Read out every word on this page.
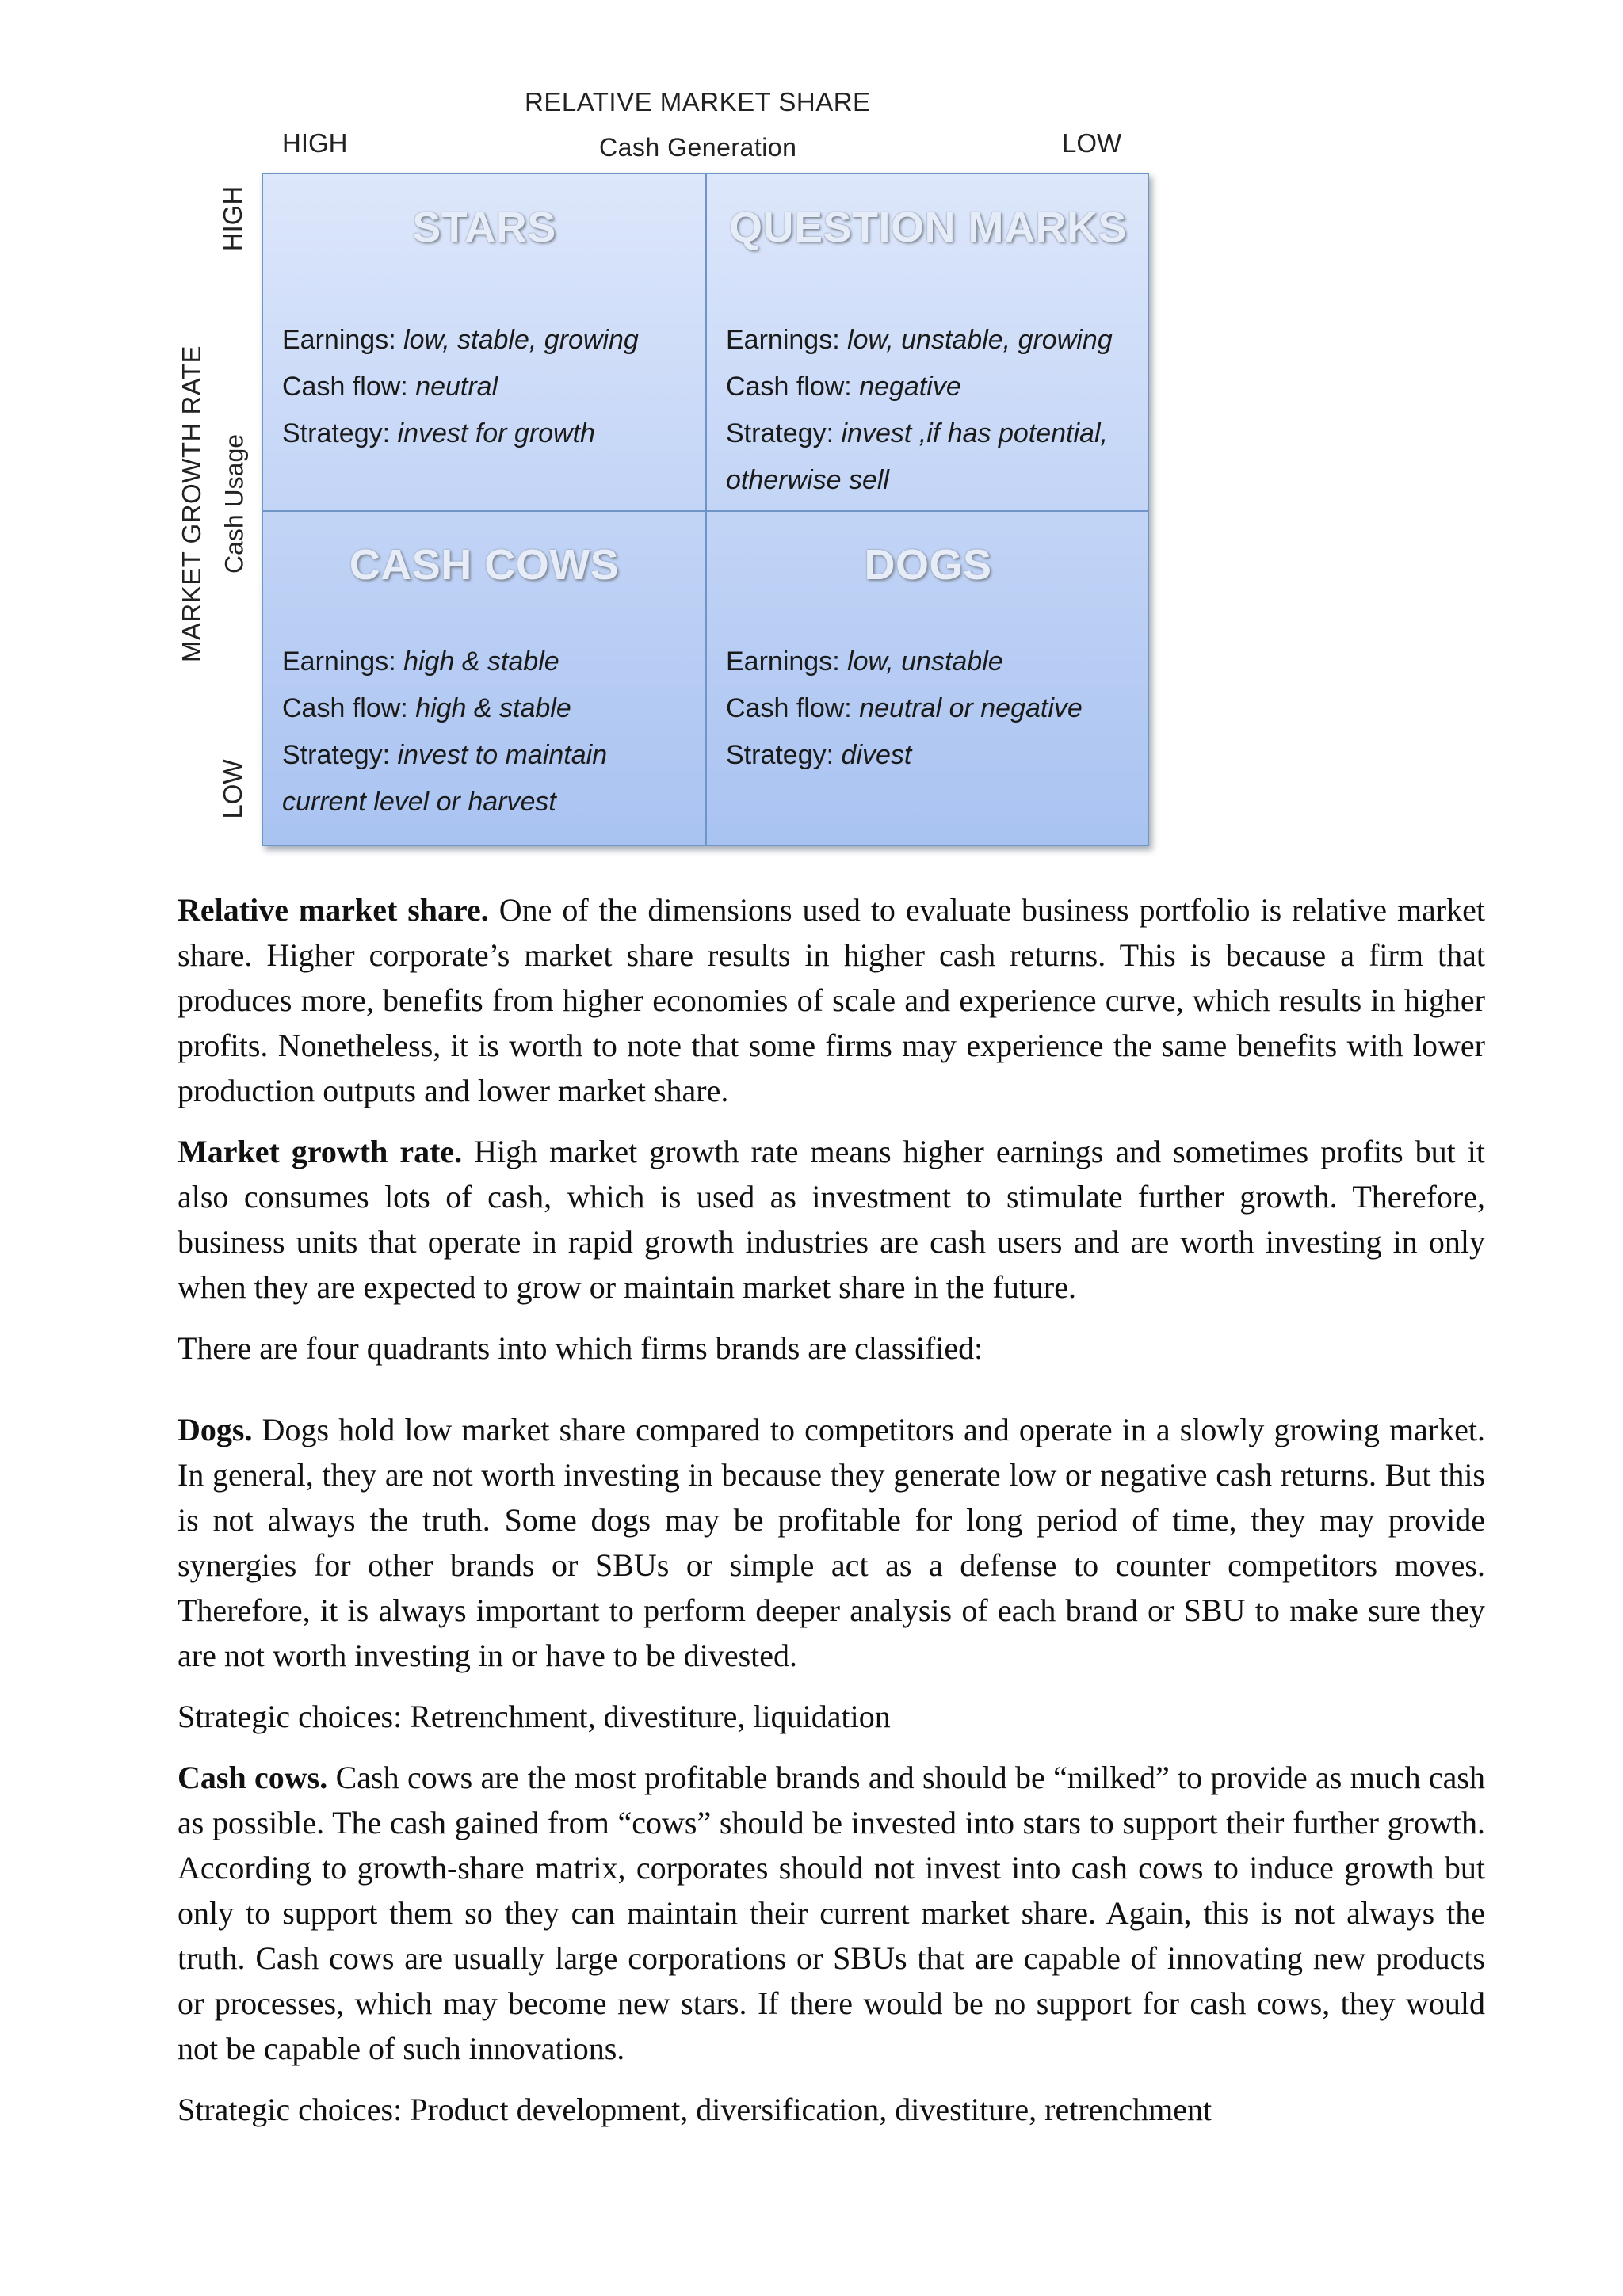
RELATIVE MARKET SHARE
Cash Generation
HIGH	LOW
MARKET GROWTH RATE Cash Usage
HIGH
LOW
STARS
Earnings: low, stable, growing
Cash flow: neutral
Strategy: invest for growth
QUESTION MARKS
Earnings: low, unstable, growing
Cash flow: negative
Strategy: invest ,if has potential,
otherwise sell
CASH COWS
Earnings: high & stable
Cash flow: high & stable
Strategy: invest to maintain
current level or harvest
DOGS
Earnings: low, unstable
Cash flow: neutral or negative
Strategy: divest

Relative market share. One of the dimensions used to evaluate business portfolio is relative market share. Higher corporate’s market share results in higher cash returns. This is because a firm that produces more, benefits from higher economies of scale and experience curve, which results in higher profits. Nonetheless, it is worth to note that some firms may experience the same benefits with lower production outputs and lower market share.

Market growth rate. High market growth rate means higher earnings and sometimes profits but it also consumes lots of cash, which is used as investment to stimulate further growth. Therefore, business units that operate in rapid growth industries are cash users and are worth investing in only when they are expected to grow or maintain market share in the future.

There are four quadrants into which firms brands are classified:

Dogs. Dogs hold low market share compared to competitors and operate in a slowly growing market. In general, they are not worth investing in because they generate low or negative cash returns. But this is not always the truth. Some dogs may be profitable for long period of time, they may provide synergies for other brands or SBUs or simple act as a defense to counter competitors moves. Therefore, it is always important to perform deeper analysis of each brand or SBU to make sure they are not worth investing in or have to be divested.

Strategic choices: Retrenchment, divestiture, liquidation

Cash cows. Cash cows are the most profitable brands and should be “milked” to provide as much cash as possible. The cash gained from “cows” should be invested into stars to support their further growth. According to growth-share matrix, corporates should not invest into cash cows to induce growth but only to support them so they can maintain their current market share. Again, this is not always the truth. Cash cows are usually large corporations or SBUs that are capable of innovating new products or processes, which may become new stars. If there would be no support for cash cows, they would not be capable of such innovations.

Strategic choices: Product development, diversification, divestiture, retrenchment
